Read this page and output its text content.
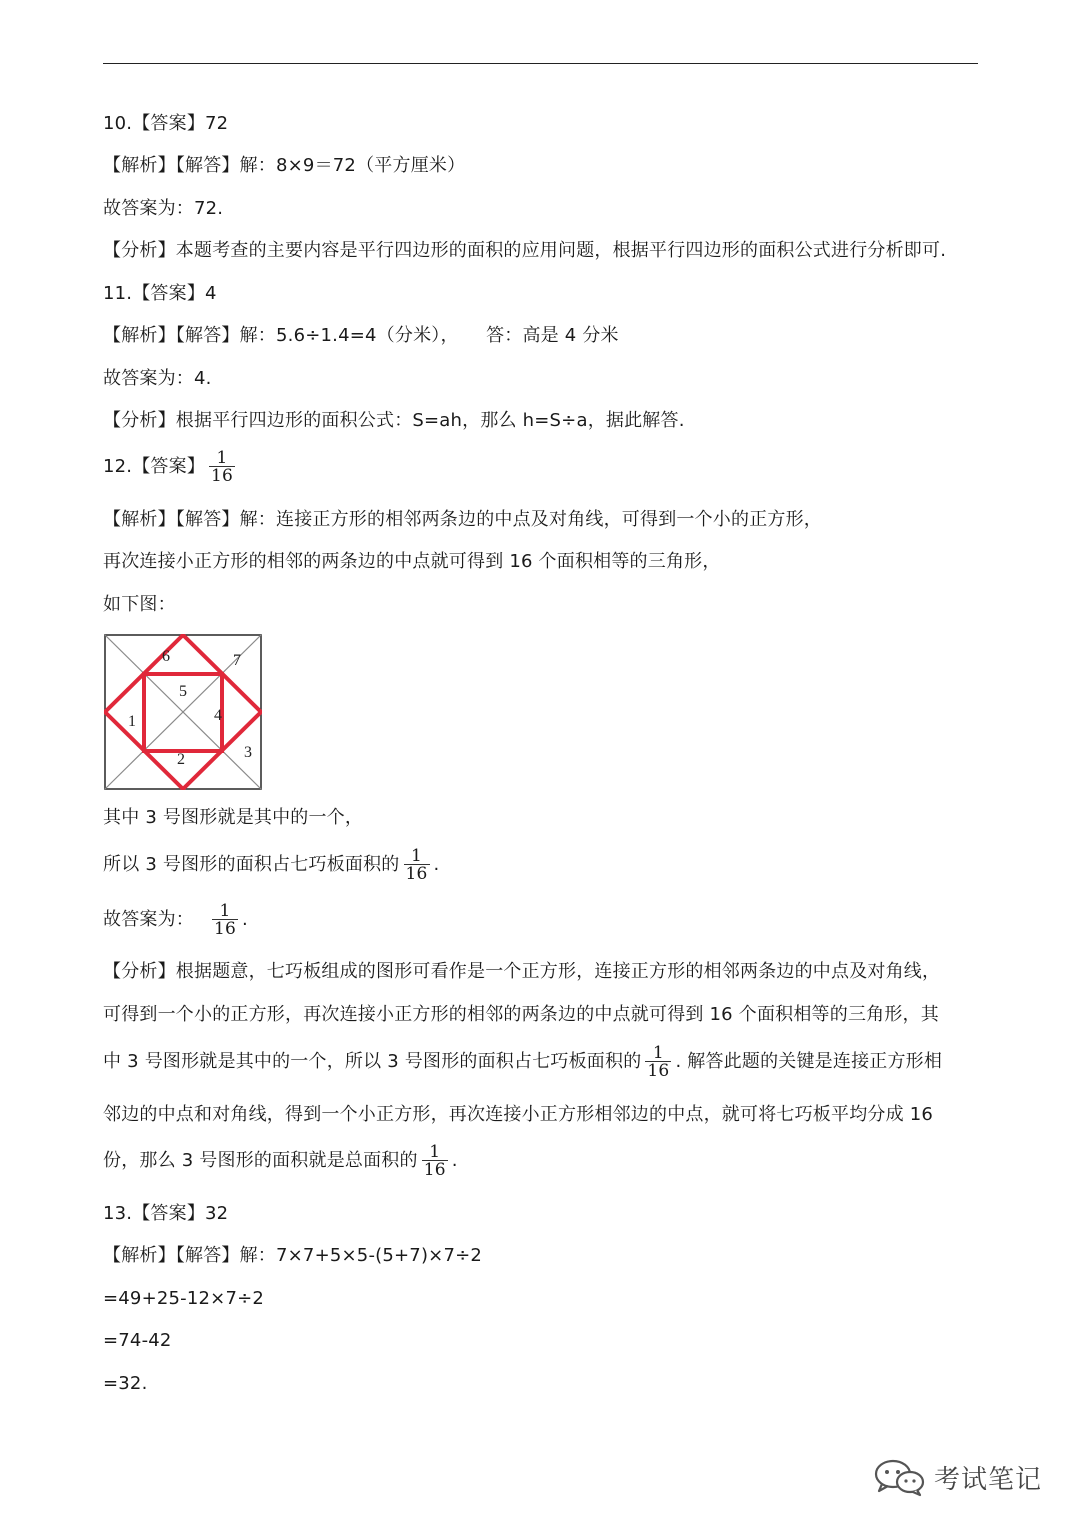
10.【答案】72
【解析】【解答】解：8×9＝72（平方厘米）
故答案为：72.
【分析】本题考查的主要内容是平行四边形的面积的应用问题，根据平行四边形的面积公式进行分析即可.
11.【答案】4
【解析】【解答】解：5.6÷1.4=4（分米），　　答：高是 4 分米
故答案为：4.
【分析】根据平行四边形的面积公式：S=ah，那么 h=S÷a，据此解答.
12.【答案】 $\frac{1}{16}$
【解析】【解答】解：连接正方形的相邻两条边的中点及对角线，可得到一个小的正方形，
再次连接小正方形的相邻的两条边的中点就可得到 16 个面积相等的三角形，
如下图：
6	7
5
1	4
3
2
其中 3 号图形就是其中的一个，
所以 3 号图形的面积占七巧板面积的 $\frac{1}{16}$ .
故答案为： $\frac{1}{16}$ .
【分析】根据题意，七巧板组成的图形可看作是一个正方形，连接正方形的相邻两条边的中点及对角线，
可得到一个小的正方形，再次连接小正方形的相邻的两条边的中点就可得到 16 个面积相等的三角形，其
中 3 号图形就是其中的一个，所以 3 号图形的面积占七巧板面积的 $\frac{1}{16}$ . 解答此题的关键是连接正方形相
邻边的中点和对角线，得到一个小正方形，再次连接小正方形相邻边的中点，就可将七巧板平均分成 16
份，那么 3 号图形的面积就是总面积的 $\frac{1}{16}$ .
13.【答案】32
【解析】【解答】解：7×7+5×5-(5+7)×7÷2
=49+25-12×7÷2
=74-42
=32.
考试笔记
